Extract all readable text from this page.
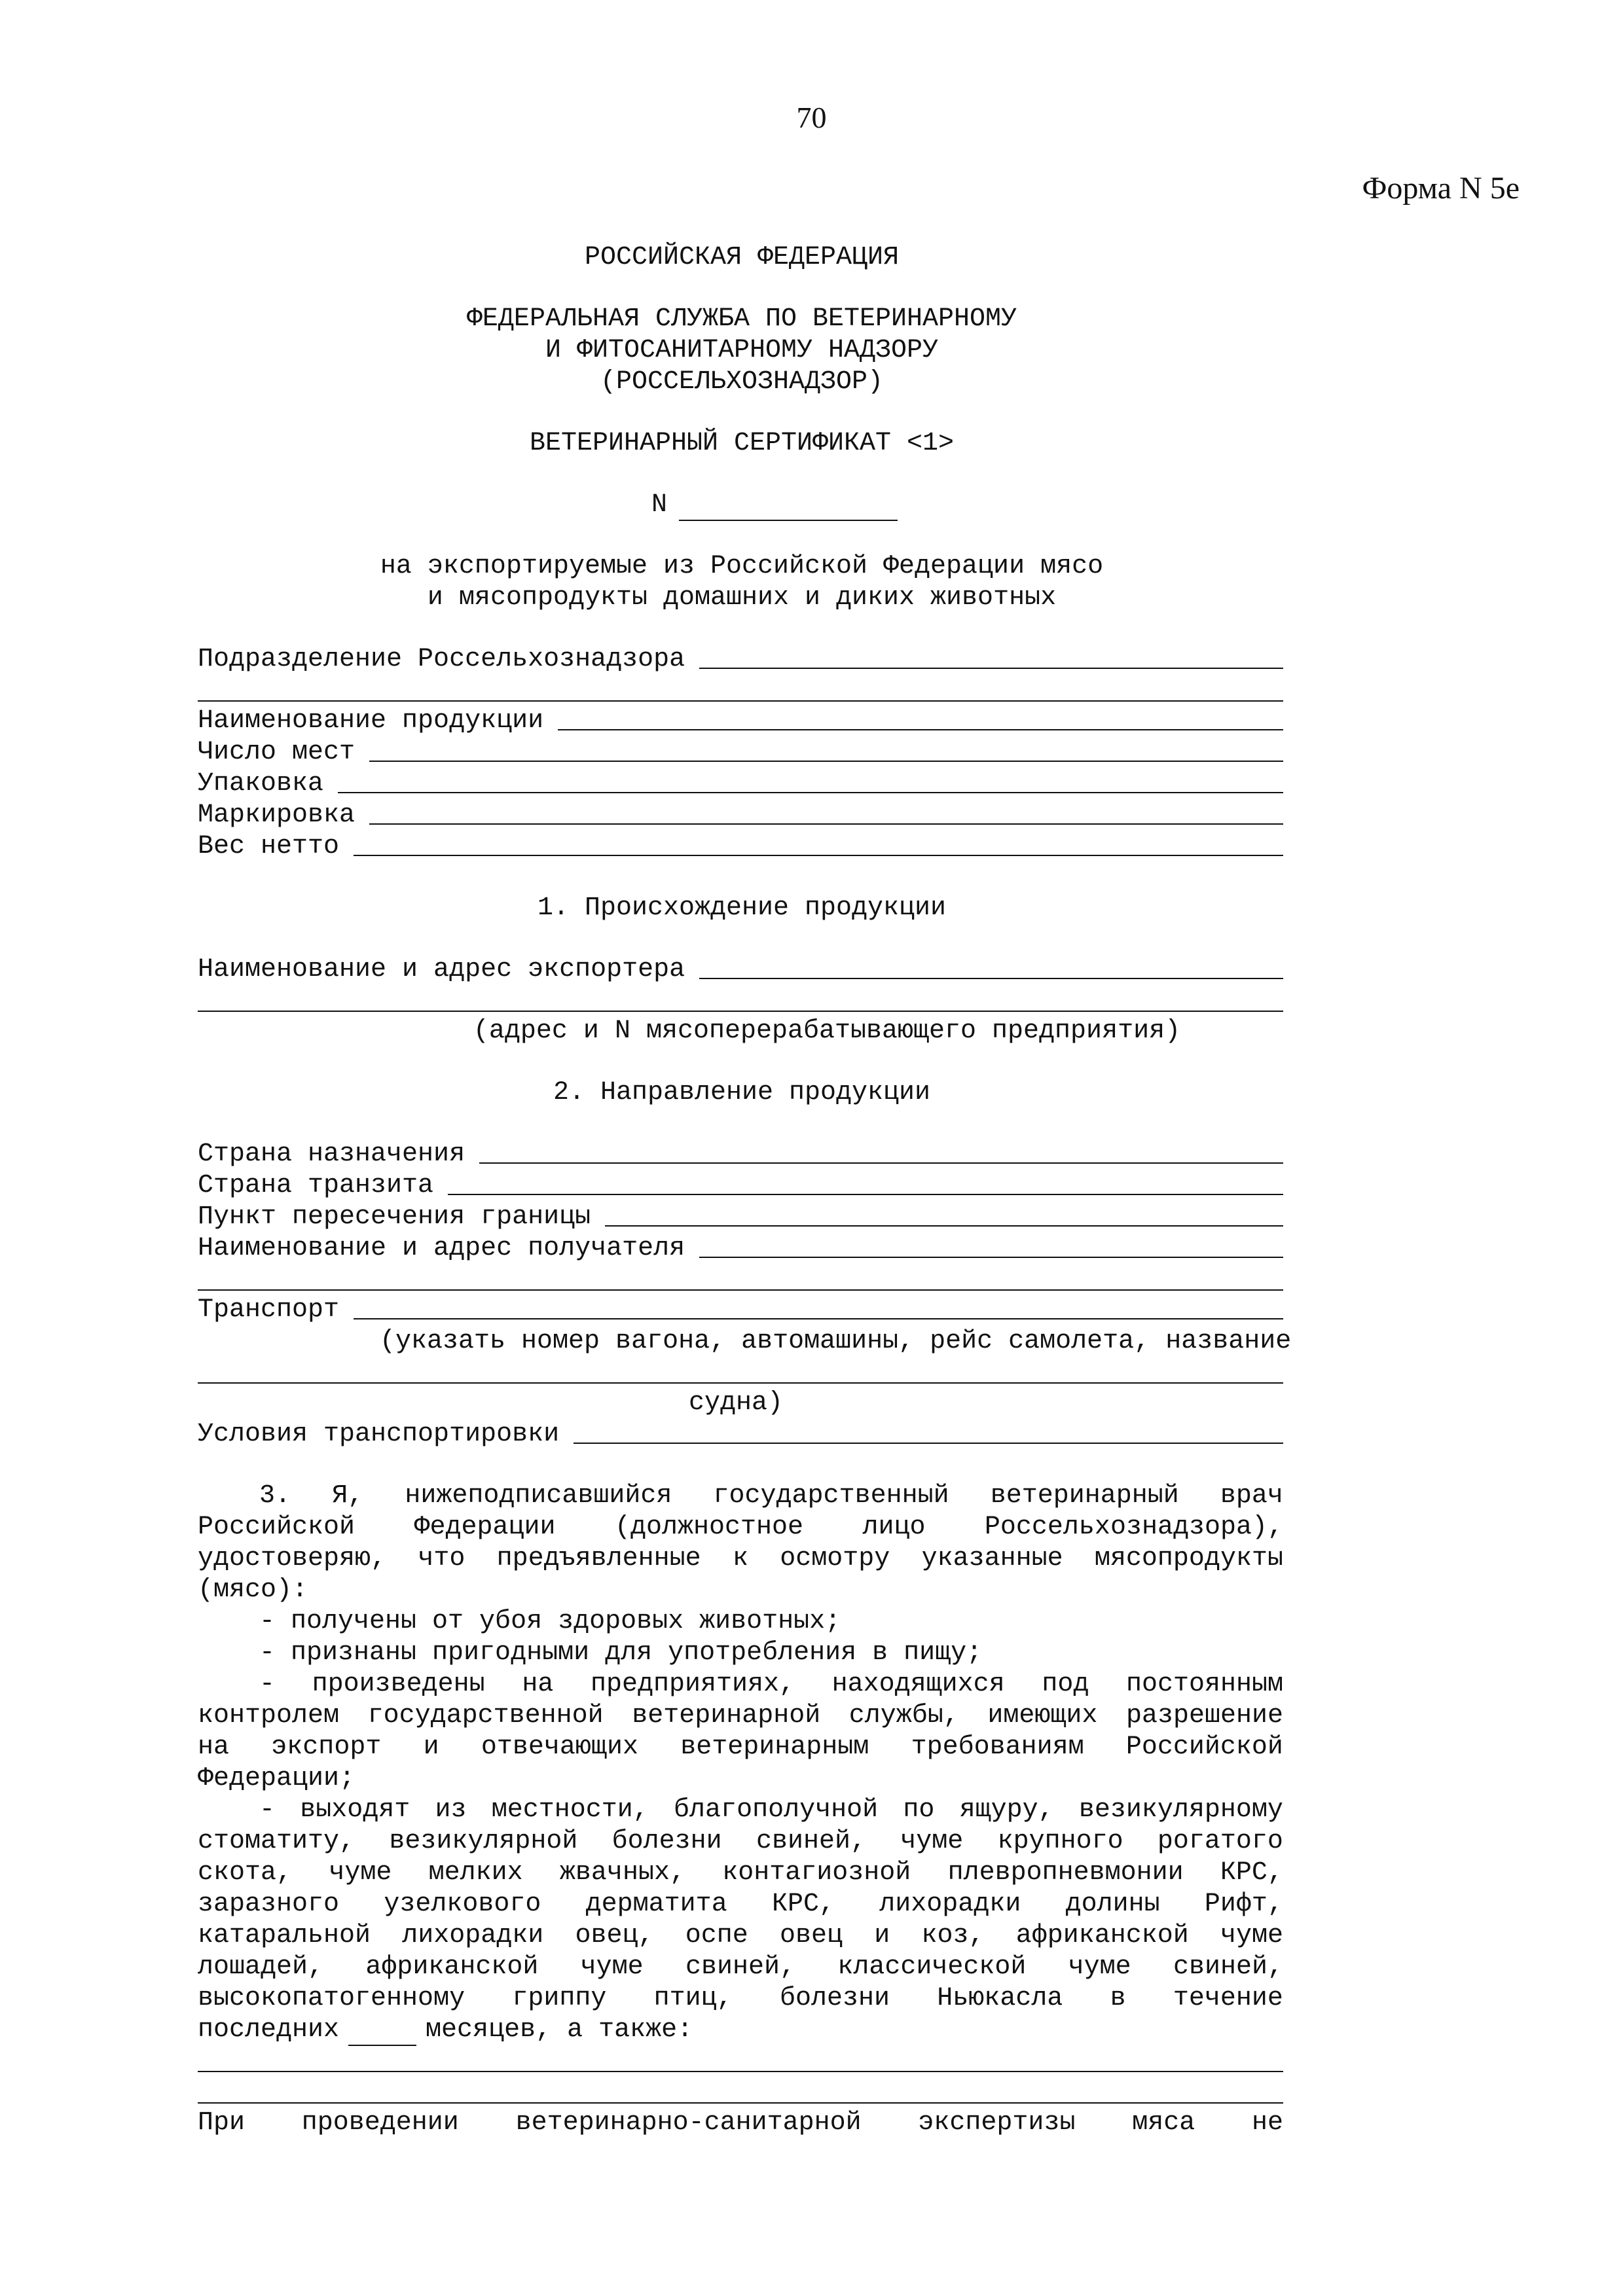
70
Форма N 5е
РОССИЙСКАЯ ФЕДЕРАЦИЯ
ФЕДЕРАЛЬНАЯ СЛУЖБА ПО ВЕТЕРИНАРНОМУ
И ФИТОСАНИТАРНОМУ НАДЗОРУ
(РОССЕЛЬХОЗНАДЗОР)
ВЕТЕРИНАРНЫЙ СЕРТИФИКАТ <1>
N
на экспортируемые из Российской Федерации мясо
и мясопродукты домашних и диких животных
Подразделение Россельхознадзора
Наименование продукции
Число мест
Упаковка
Маркировка
Вес нетто
1. Происхождение продукции
Наименование и адрес экспортера
(адрес и N мясоперерабатывающего предприятия)
2. Направление продукции
Страна назначения
Страна транзита
Пункт пересечения границы
Наименование и адрес получателя
Транспорт
(указать номер вагона, автомашины, рейс самолета, название
судна)
Условия транспортировки
3. Я, нижеподписавшийся государственный ветеринарный врач
Российской Федерации (должностное лицо Россельхознадзора),
удостоверяю, что предъявленные к осмотру указанные мясопродукты
(мясо):
- получены от убоя здоровых животных;
- признаны пригодными для употребления в пищу;
- произведены на предприятиях, находящихся под постоянным
контролем государственной ветеринарной службы, имеющих разрешение
на экспорт и отвечающих ветеринарным требованиям Российской
Федерации;
- выходят из местности, благополучной по ящуру, везикулярному
стоматиту, везикулярной болезни свиней, чуме крупного рогатого
скота, чуме мелких жвачных, контагиозной плевропневмонии КРС,
заразного узелкового дерматита КРС, лихорадки долины Рифт,
катаральной лихорадки овец, оспе овец и коз, африканской чуме
лошадей, африканской чуме свиней, классической чуме свиней,
высокопатогенному гриппу птиц, болезни Ньюкасла в течение
последних	месяцев, а также:
При проведении ветеринарно-санитарной экспертизы мяса не
